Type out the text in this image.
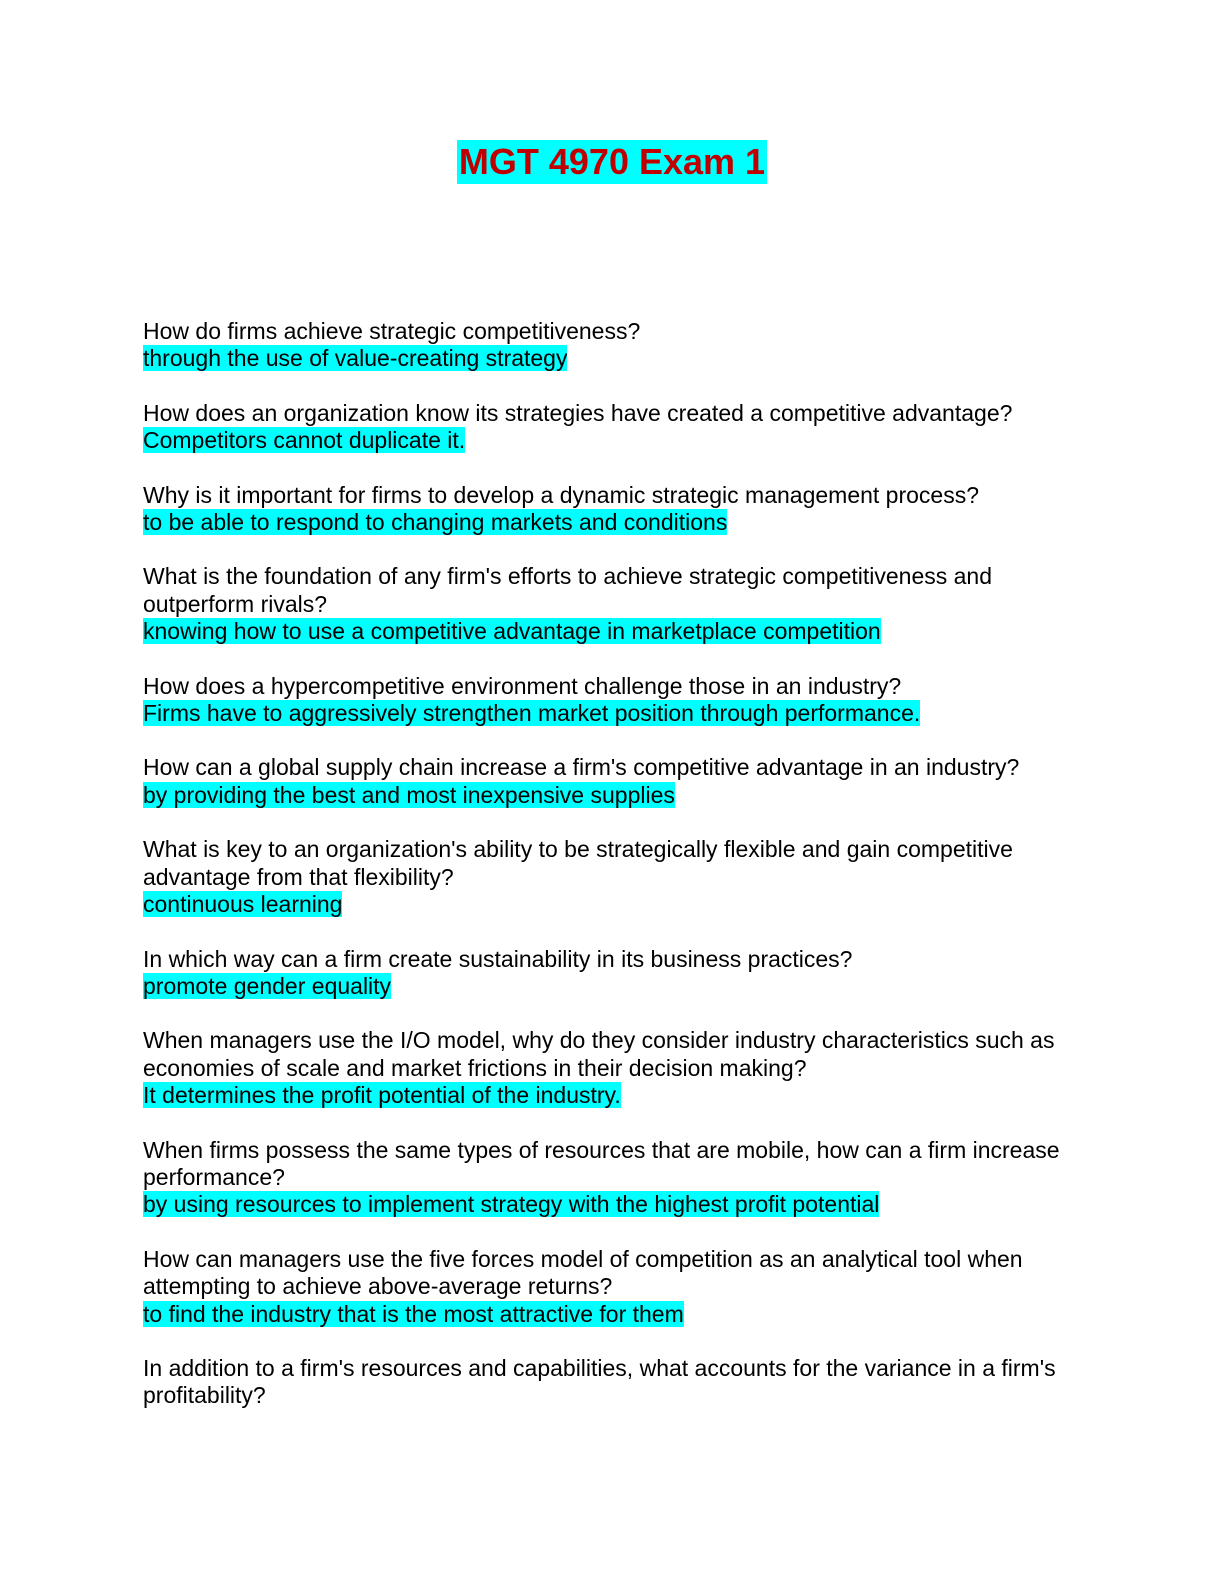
MGT 4970 Exam 1

How do firms achieve strategic competitiveness?

through the use of value-creating strategy

How does an organization know its strategies have created a competitive advantage?

Competitors cannot duplicate it.

Why is it important for firms to develop a dynamic strategic management process?

to be able to respond to changing markets and conditions

What is the foundation of any firm's efforts to achieve strategic competitiveness and outperform rivals?

knowing how to use a competitive advantage in marketplace competition

How does a hypercompetitive environment challenge those in an industry?

Firms have to aggressively strengthen market position through performance.

How can a global supply chain increase a firm's competitive advantage in an industry?

by providing the best and most inexpensive supplies

What is key to an organization's ability to be strategically flexible and gain competitive advantage from that flexibility?

continuous learning

In which way can a firm create sustainability in its business practices?

promote gender equality

When managers use the I/O model, why do they consider industry characteristics such as economies of scale and market frictions in their decision making?

It determines the profit potential of the industry.

When firms possess the same types of resources that are mobile, how can a firm increase performance?

by using resources to implement strategy with the highest profit potential

How can managers use the five forces model of competition as an analytical tool when attempting to achieve above-average returns?

to find the industry that is the most attractive for them

In addition to a firm's resources and capabilities, what accounts for the variance in a firm's profitability?
